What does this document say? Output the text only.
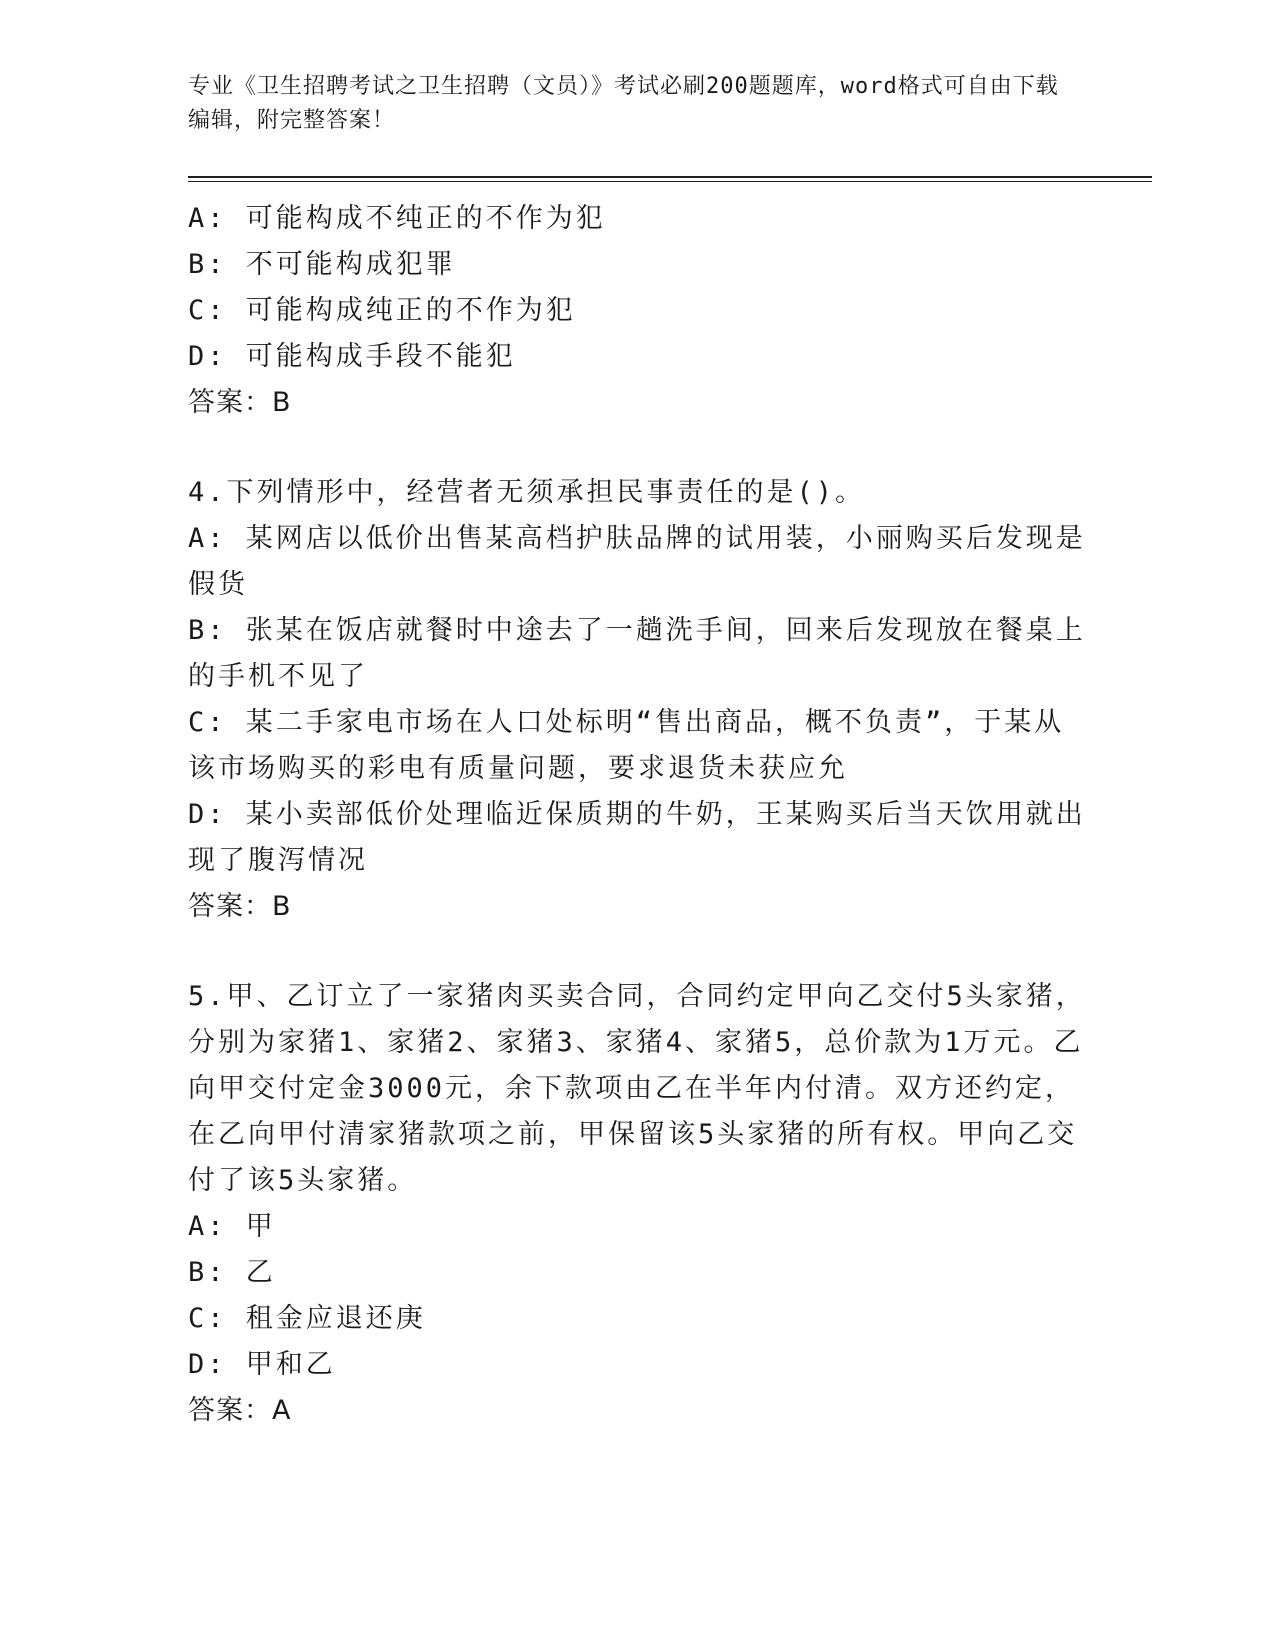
专业《卫生招聘考试之卫生招聘（文员）》考试必刷200题题库，word格式可自由下载编辑，附完整答案！

A: 可能构成不纯正的不作为犯

B: 不可能构成犯罪

C: 可能构成纯正的不作为犯

D: 可能构成手段不能犯

答案：B

4.下列情形中，经营者无须承担民事责任的是()。

A: 某网店以低价出售某高档护肤品牌的试用装，小丽购买后发现是假货

B: 张某在饭店就餐时中途去了一趟洗手间，回来后发现放在餐桌上的手机不见了

C: 某二手家电市场在人口处标明“售出商品，概不负责”，于某从该市场购买的彩电有质量问题，要求退货未获应允

D: 某小卖部低价处理临近保质期的牛奶，王某购买后当天饮用就出现了腹泻情况

答案：B

5.甲、乙订立了一家猪肉买卖合同，合同约定甲向乙交付5头家猪，分别为家猪1、家猪2、家猪3、家猪4、家猪5，总价款为1万元。乙向甲交付定金3000元，余下款项由乙在半年内付清。双方还约定，在乙向甲付清家猪款项之前，甲保留该5头家猪的所有权。甲向乙交付了该5头家猪。

A: 甲

B: 乙

C: 租金应退还庚

D: 甲和乙

答案：A
